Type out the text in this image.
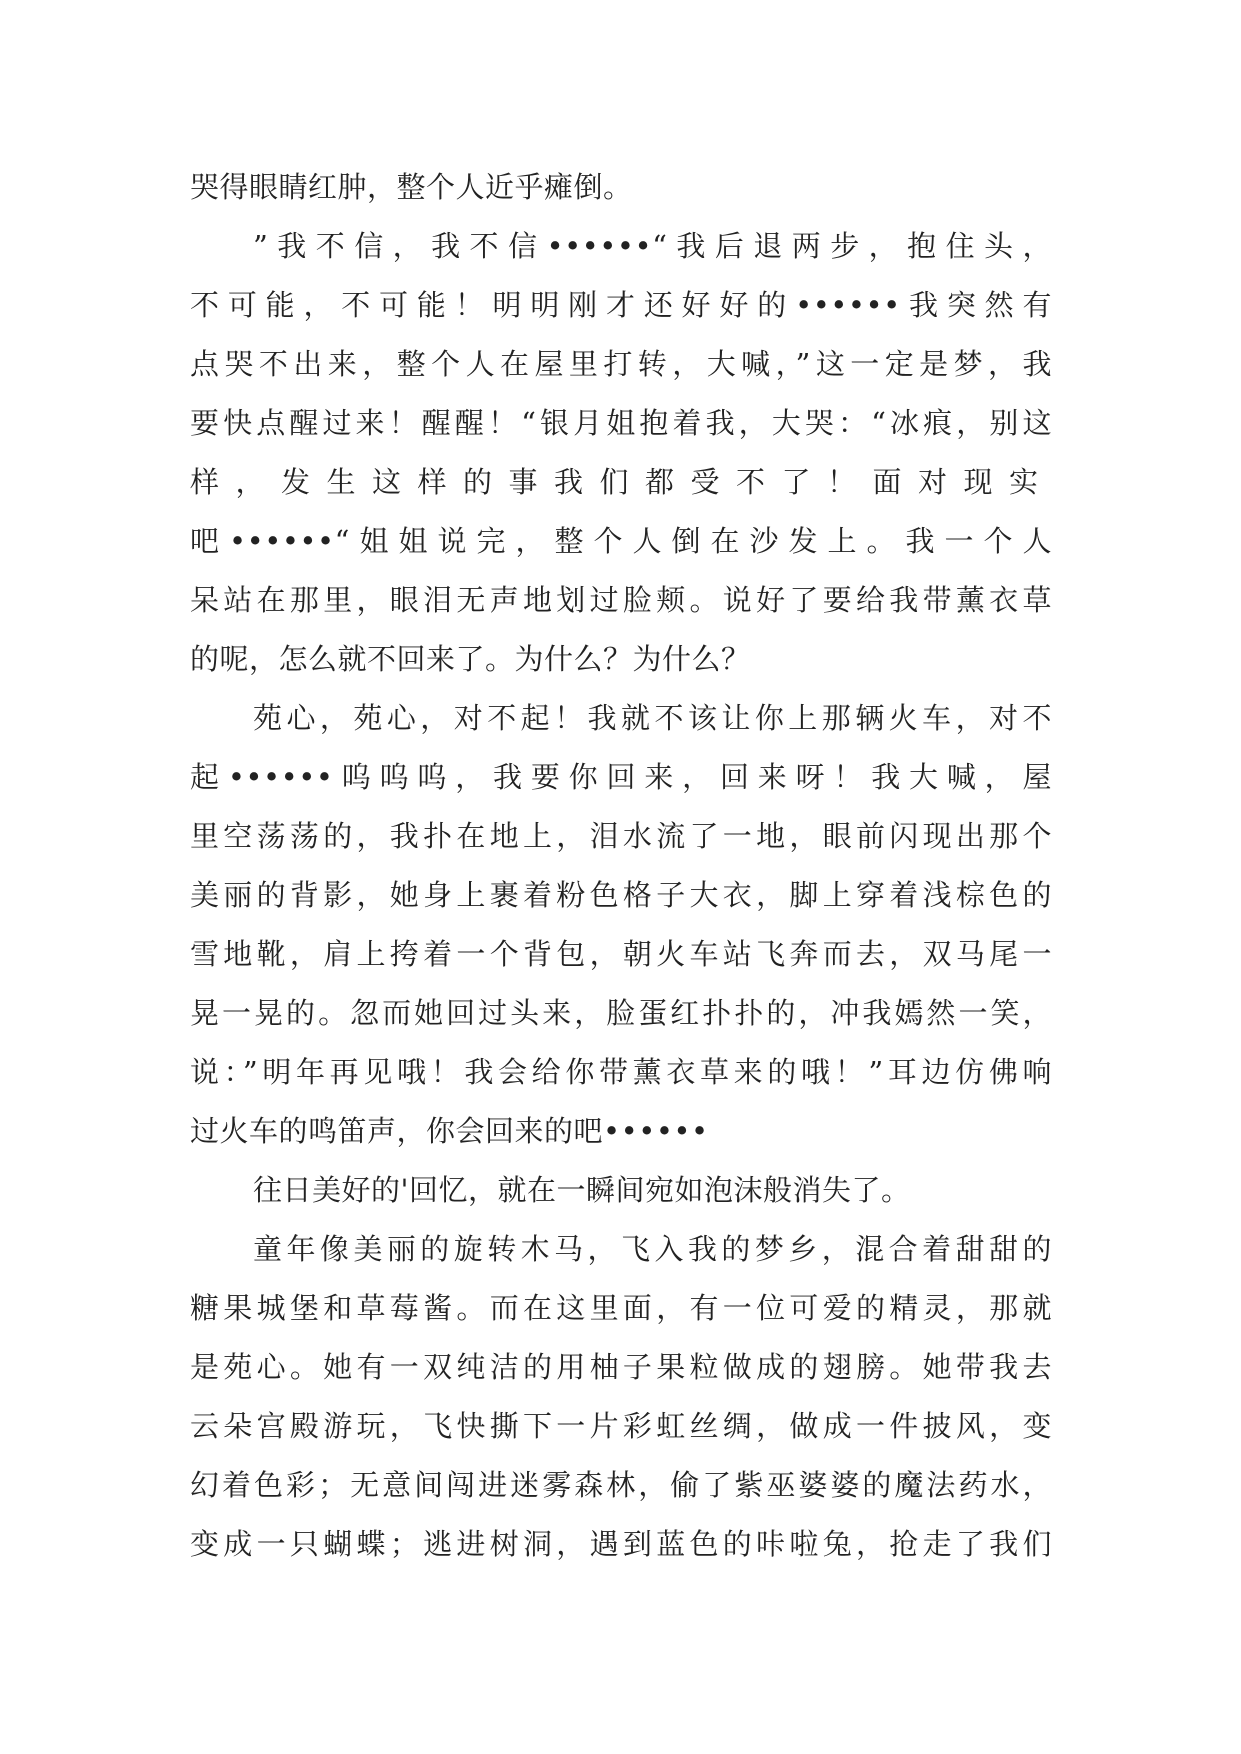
哭得眼睛红肿，整个人近乎瘫倒。
”我不信，我不信••••••“我后退两步，抱住头，
不可能，不可能！明明刚才还好好的••••••我突然有
点哭不出来，整个人在屋里打转，大喊，”这一定是梦，我
要快点醒过来！醒醒！“银月姐抱着我，大哭：“冰痕，别这
样，发生这样的事我们都受不了！面对现实
吧••••••“姐姐说完，整个人倒在沙发上。我一个人
呆站在那里，眼泪无声地划过脸颊。说好了要给我带薰衣草
的呢，怎么就不回来了。为什么？为什么？
苑心，苑心，对不起！我就不该让你上那辆火车，对不
起••••••呜呜呜，我要你回来，回来呀！我大喊，屋
里空荡荡的，我扑在地上，泪水流了一地，眼前闪现出那个
美丽的背影，她身上裹着粉色格子大衣，脚上穿着浅棕色的
雪地靴，肩上挎着一个背包，朝火车站飞奔而去，双马尾一
晃一晃的。忽而她回过头来，脸蛋红扑扑的，冲我嫣然一笑，
说：”明年再见哦！我会给你带薰衣草来的哦！”耳边仿佛响
过火车的鸣笛声，你会回来的吧••••••
往日美好的'回忆，就在一瞬间宛如泡沫般消失了。
童年像美丽的旋转木马，飞入我的梦乡，混合着甜甜的
糖果城堡和草莓酱。而在这里面，有一位可爱的精灵，那就
是苑心。她有一双纯洁的用柚子果粒做成的翅膀。她带我去
云朵宫殿游玩，飞快撕下一片彩虹丝绸，做成一件披风，变
幻着色彩；无意间闯进迷雾森林，偷了紫巫婆婆的魔法药水，
变成一只蝴蝶；逃进树洞，遇到蓝色的咔啦兔，抢走了我们
